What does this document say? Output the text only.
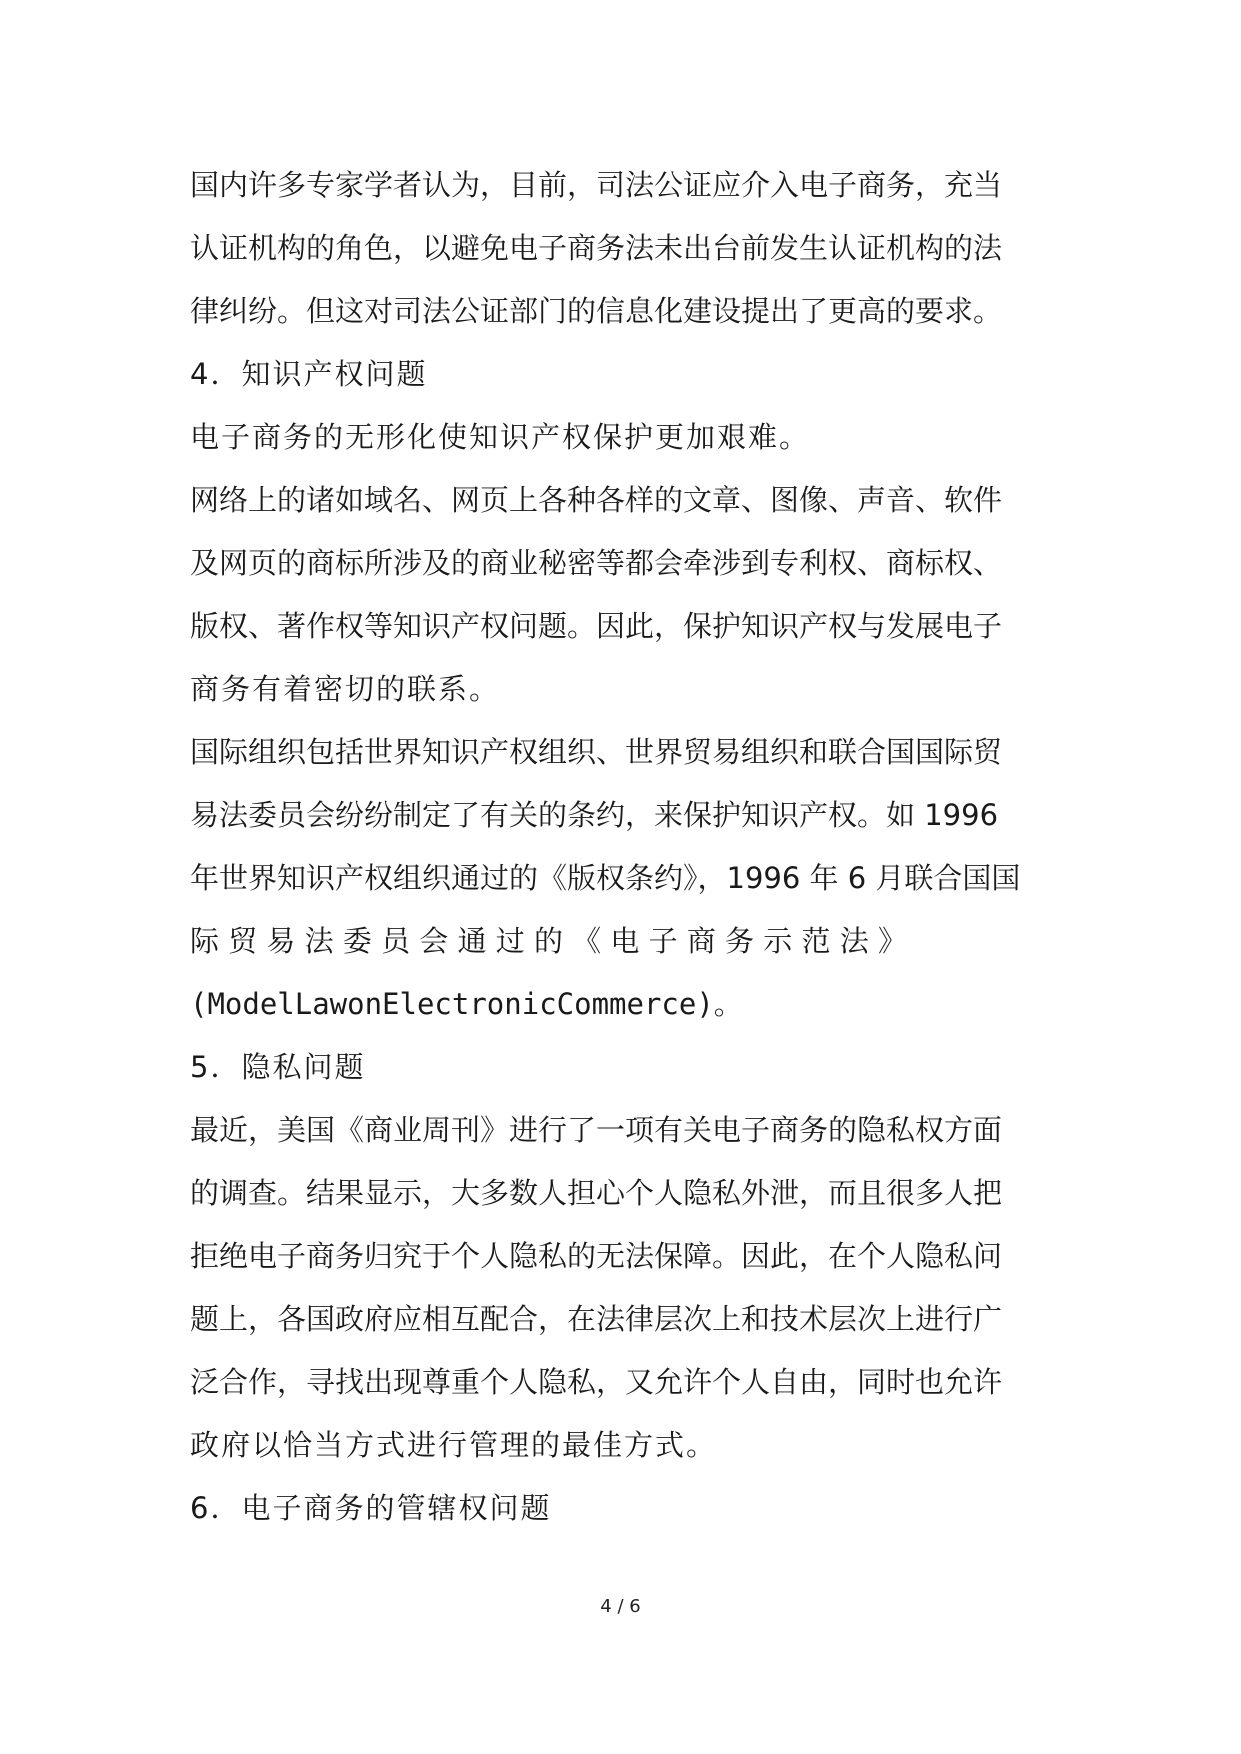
国内许多专家学者认为，目前，司法公证应介入电子商务，充当
认证机构的角色，以避免电子商务法未出台前发生认证机构的法
律纠纷。但这对司法公证部门的信息化建设提出了更高的要求。
4．知识产权问题
电子商务的无形化使知识产权保护更加艰难。
网络上的诸如域名、网页上各种各样的文章、图像、声音、软件
及网页的商标所涉及的商业秘密等都会牵涉到专利权、商标权、
版权、著作权等知识产权问题。因此，保护知识产权与发展电子
商务有着密切的联系。
国际组织包括世界知识产权组织、世界贸易组织和联合国国际贸
易法委员会纷纷制定了有关的条约，来保护知识产权。如 1996
年世界知识产权组织通过的《版权条约》，1996 年 6 月联合国国
际 贸 易 法 委 员 会 通 过 的 《 电 子 商 务 示 范 法 》
(ModelLawonElectronicCommerce)。
5．隐私问题
最近，美国《商业周刊》进行了一项有关电子商务的隐私权方面
的调查。结果显示，大多数人担心个人隐私外泄，而且很多人把
拒绝电子商务归究于个人隐私的无法保障。因此，在个人隐私问
题上，各国政府应相互配合，在法律层次上和技术层次上进行广
泛合作，寻找出现尊重个人隐私，又允许个人自由，同时也允许
政府以恰当方式进行管理的最佳方式。
6．电子商务的管辖权问题
4 / 6
